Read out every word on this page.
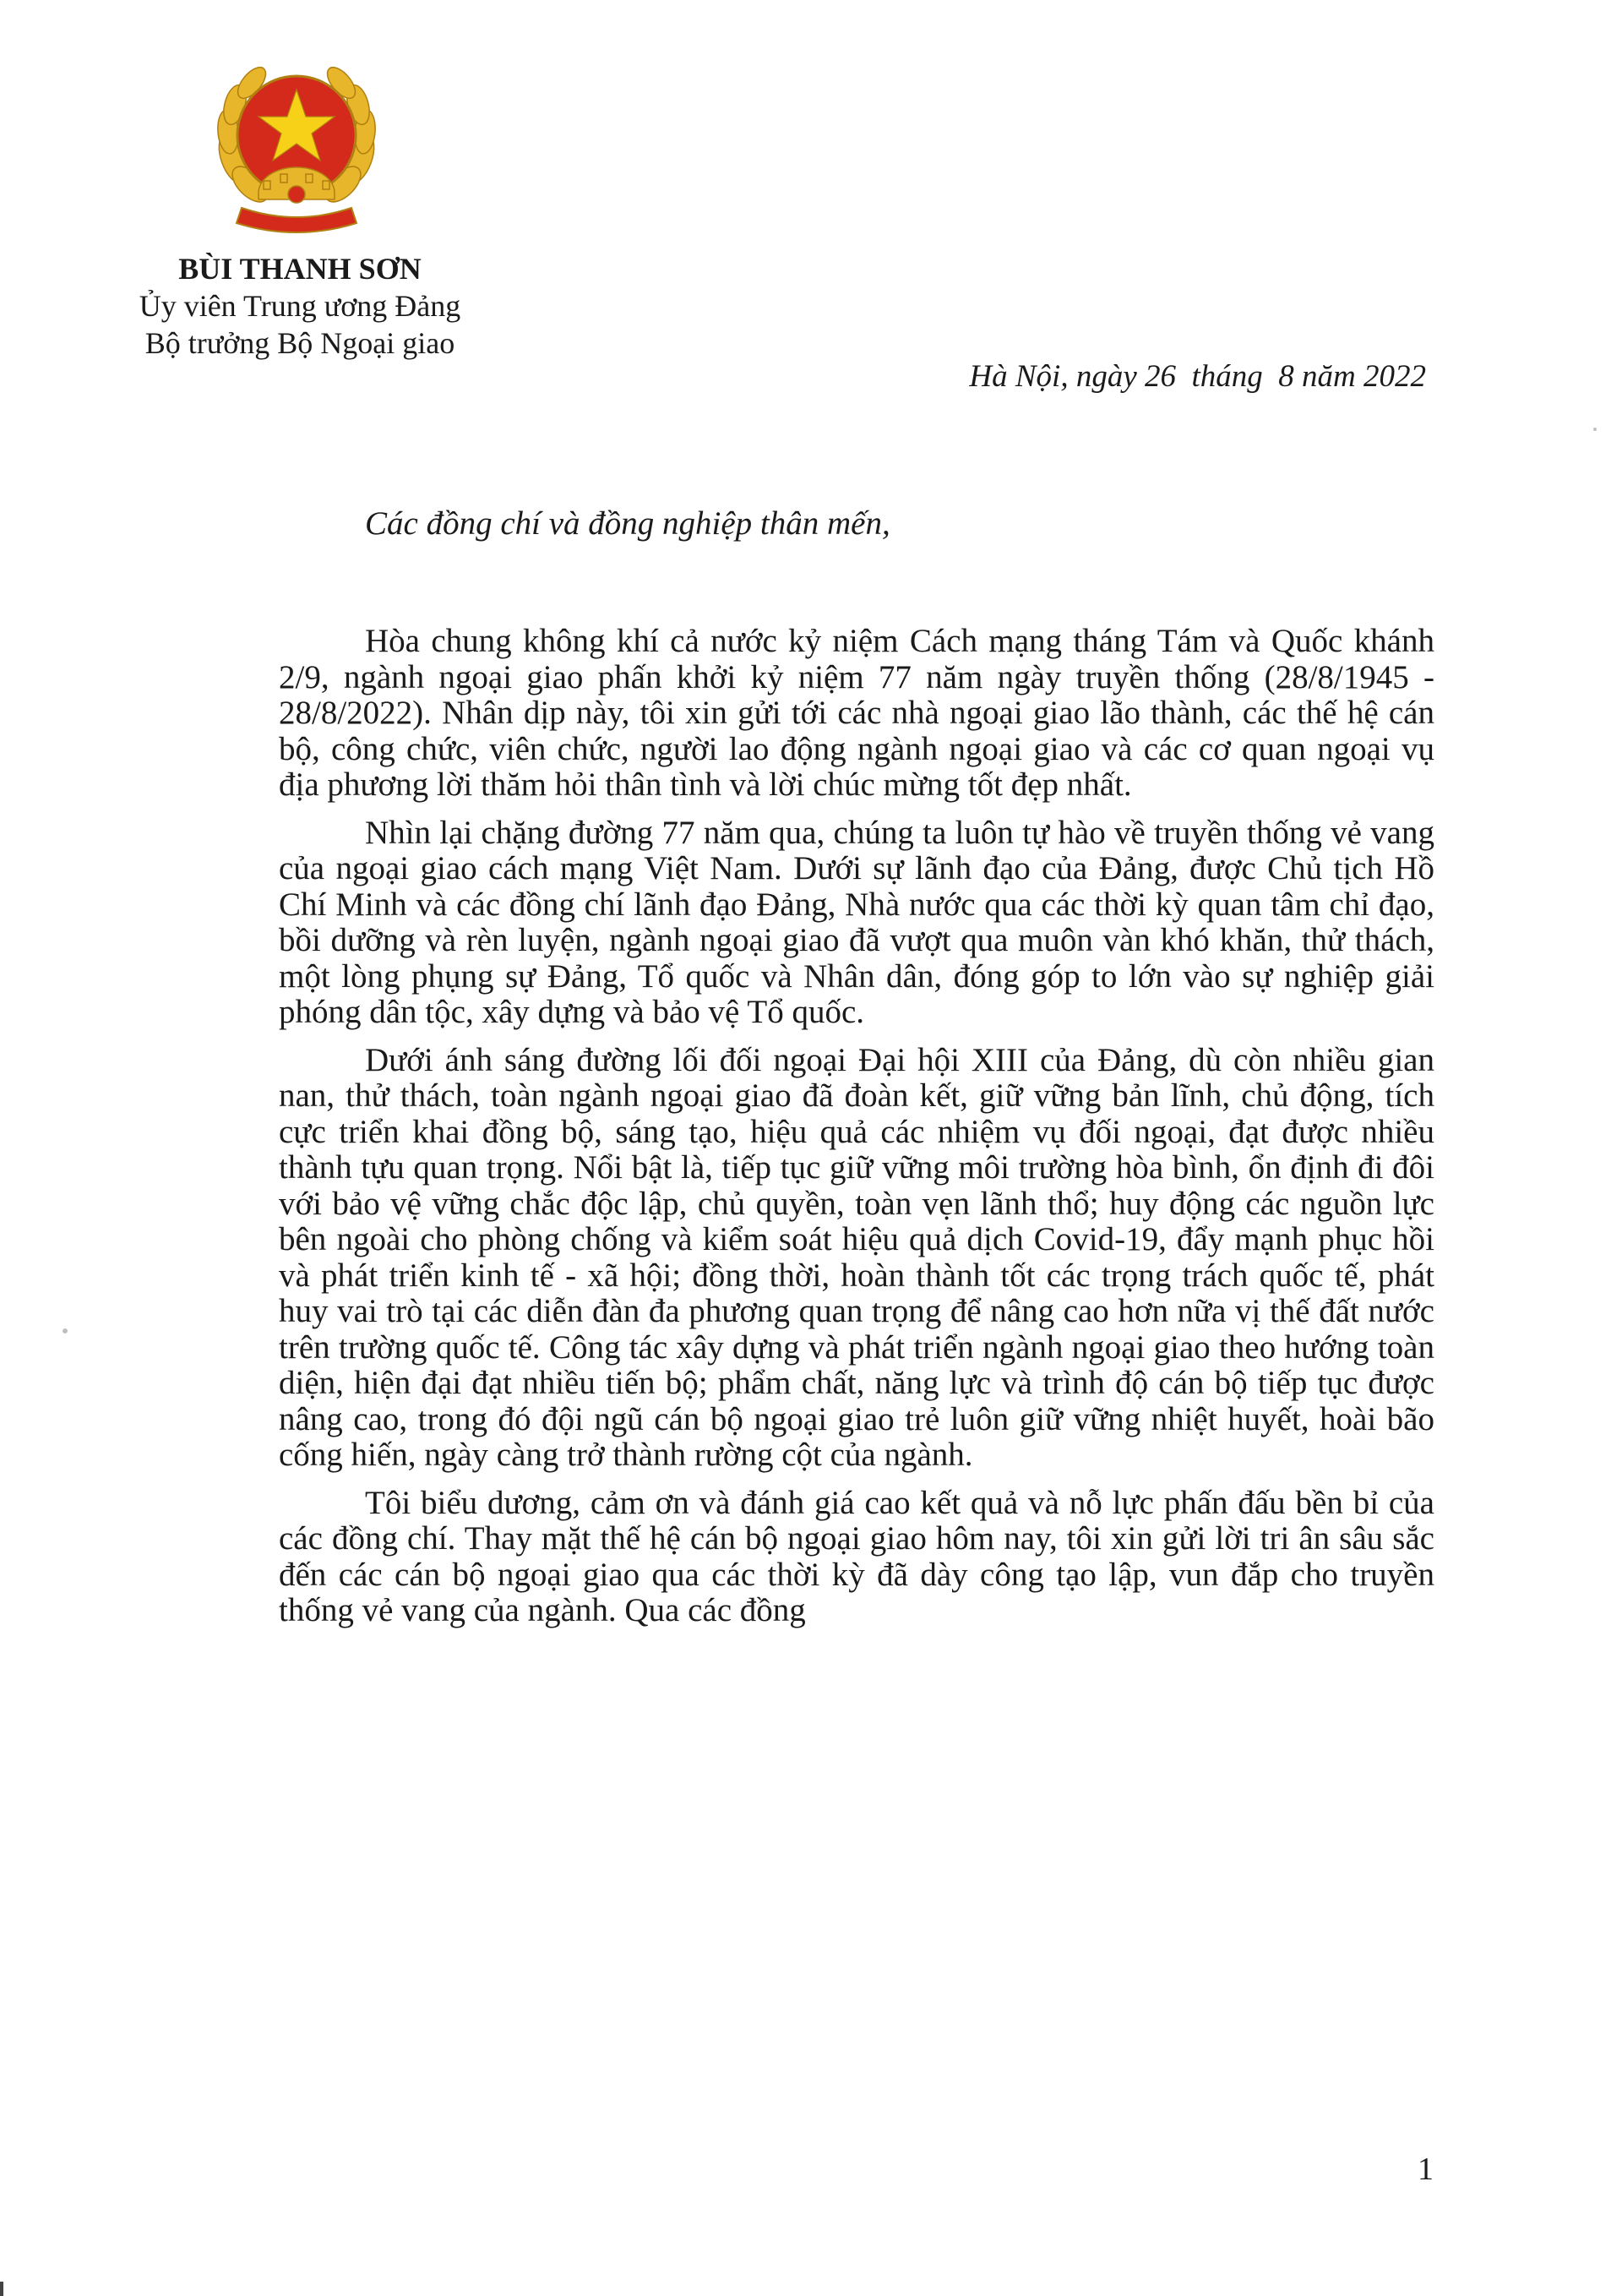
BÙI THANH SƠN
Ủy viên Trung ương Đảng
Bộ trưởng Bộ Ngoại giao
Hà Nội, ngày 26  tháng  8 năm 2022
Các đồng chí và đồng nghiệp thân mến,

Hòa chung không khí cả nước kỷ niệm Cách mạng tháng Tám và Quốc khánh 2/9, ngành ngoại giao phấn khởi kỷ niệm 77 năm ngày truyền thống (28/8/1945 - 28/8/2022). Nhân dịp này, tôi xin gửi tới các nhà ngoại giao lão thành, các thế hệ cán bộ, công chức, viên chức, người lao động ngành ngoại giao và các cơ quan ngoại vụ địa phương lời thăm hỏi thân tình và lời chúc mừng tốt đẹp nhất.

Nhìn lại chặng đường 77 năm qua, chúng ta luôn tự hào về truyền thống vẻ vang của ngoại giao cách mạng Việt Nam. Dưới sự lãnh đạo của Đảng, được Chủ tịch Hồ Chí Minh và các đồng chí lãnh đạo Đảng, Nhà nước qua các thời kỳ quan tâm chỉ đạo, bồi dưỡng và rèn luyện, ngành ngoại giao đã vượt qua muôn vàn khó khăn, thử thách, một lòng phụng sự Đảng, Tổ quốc và Nhân dân, đóng góp to lớn vào sự nghiệp giải phóng dân tộc, xây dựng và bảo vệ Tổ quốc.

Dưới ánh sáng đường lối đối ngoại Đại hội XIII của Đảng, dù còn nhiều gian nan, thử thách, toàn ngành ngoại giao đã đoàn kết, giữ vững bản lĩnh, chủ động, tích cực triển khai đồng bộ, sáng tạo, hiệu quả các nhiệm vụ đối ngoại, đạt được nhiều thành tựu quan trọng. Nổi bật là, tiếp tục giữ vững môi trường hòa bình, ổn định đi đôi với bảo vệ vững chắc độc lập, chủ quyền, toàn vẹn lãnh thổ; huy động các nguồn lực bên ngoài cho phòng chống và kiểm soát hiệu quả dịch Covid-19, đẩy mạnh phục hồi và phát triển kinh tế - xã hội; đồng thời, hoàn thành tốt các trọng trách quốc tế, phát huy vai trò tại các diễn đàn đa phương quan trọng để nâng cao hơn nữa vị thế đất nước trên trường quốc tế. Công tác xây dựng và phát triển ngành ngoại giao theo hướng toàn diện, hiện đại đạt nhiều tiến bộ; phẩm chất, năng lực và trình độ cán bộ tiếp tục được nâng cao, trong đó đội ngũ cán bộ ngoại giao trẻ luôn giữ vững nhiệt huyết, hoài bão cống hiến, ngày càng trở thành rường cột của ngành.

Tôi biểu dương, cảm ơn và đánh giá cao kết quả và nỗ lực phấn đấu bền bỉ của các đồng chí. Thay mặt thế hệ cán bộ ngoại giao hôm nay, tôi xin gửi lời tri ân sâu sắc đến các cán bộ ngoại giao qua các thời kỳ đã dày công tạo lập, vun đắp cho truyền thống vẻ vang của ngành. Qua các đồng

1
